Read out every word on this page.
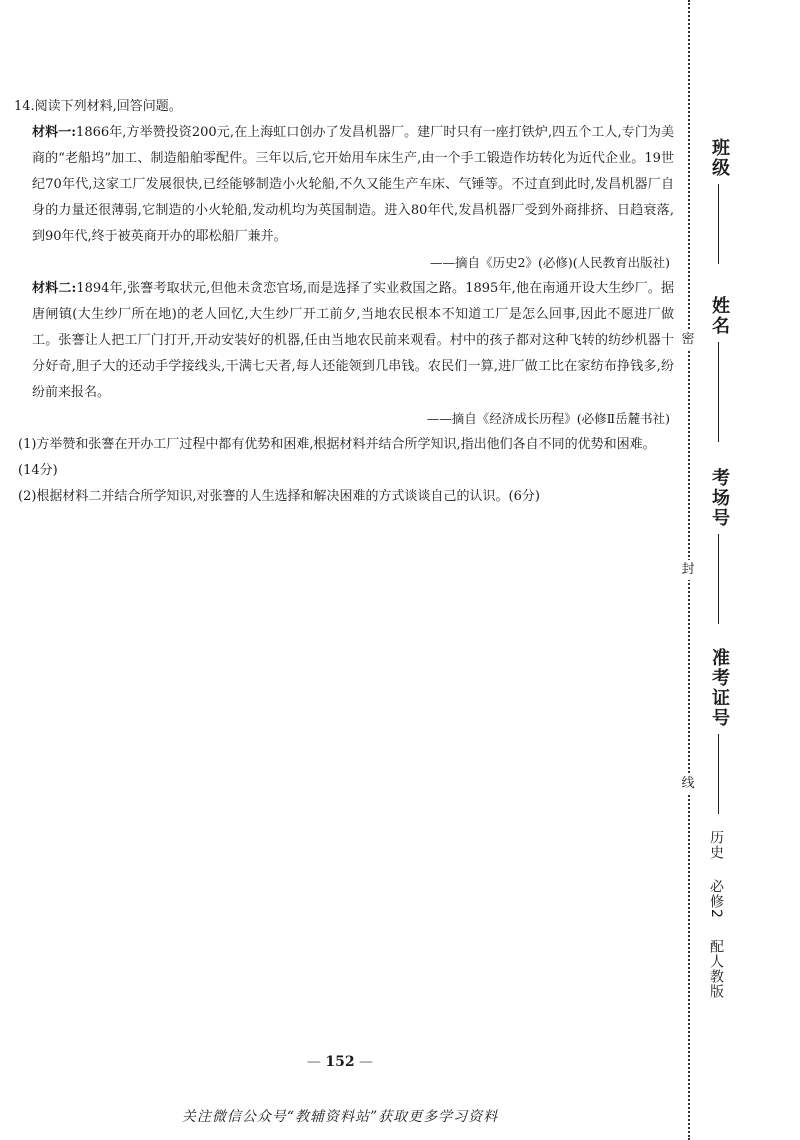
14.阅读下列材料,回答问题。

材料一:1866年,方举赞投资200元,在上海虹口创办了发昌机器厂。建厂时只有一座打铁炉,四五个工人,专门为美商的“老船坞”加工、制造船舶零配件。三年以后,它开始用车床生产,由一个手工锻造作坊转化为近代企业。19世纪70年代,这家工厂发展很快,已经能够制造小火轮船,不久又能生产车床、气锤等。不过直到此时,发昌机器厂自身的力量还很薄弱,它制造的小火轮船,发动机均为英国制造。进入80年代,发昌机器厂受到外商排挤、日趋衰落,到90年代,终于被英商开办的耶松船厂兼并。

——摘自《历史2》(必修)(人民教育出版社)

材料二:1894年,张謇考取状元,但他未贪恋官场,而是选择了实业救国之路。1895年,他在南通开设大生纱厂。据唐闸镇(大生纱厂所在地)的老人回忆,大生纱厂开工前夕,当地农民根本不知道工厂是怎么回事,因此不愿进厂做工。张謇让人把工厂门打开,开动安装好的机器,任由当地农民前来观看。村中的孩子都对这种飞转的纺纱机器十分好奇,胆子大的还动手学接线头,干满七天者,每人还能领到几串钱。农民们一算,进厂做工比在家纺布挣钱多,纷纷前来报名。

——摘自《经济成长历程》(必修Ⅱ岳麓书社)

(1)方举赞和张謇在开办工厂过程中都有优势和困难,根据材料并结合所学知识,指出他们各自不同的优势和困难。(14分)

(2)根据材料二并结合所学知识,对张謇的人生选择和解决困难的方式谈谈自己的认识。(6分)

— 152 —
关注微信公众号“教辅资料站”获取更多学习资料
密
封
线
班级
姓名
考场号
准考证号
历史 必修2 配人教版
